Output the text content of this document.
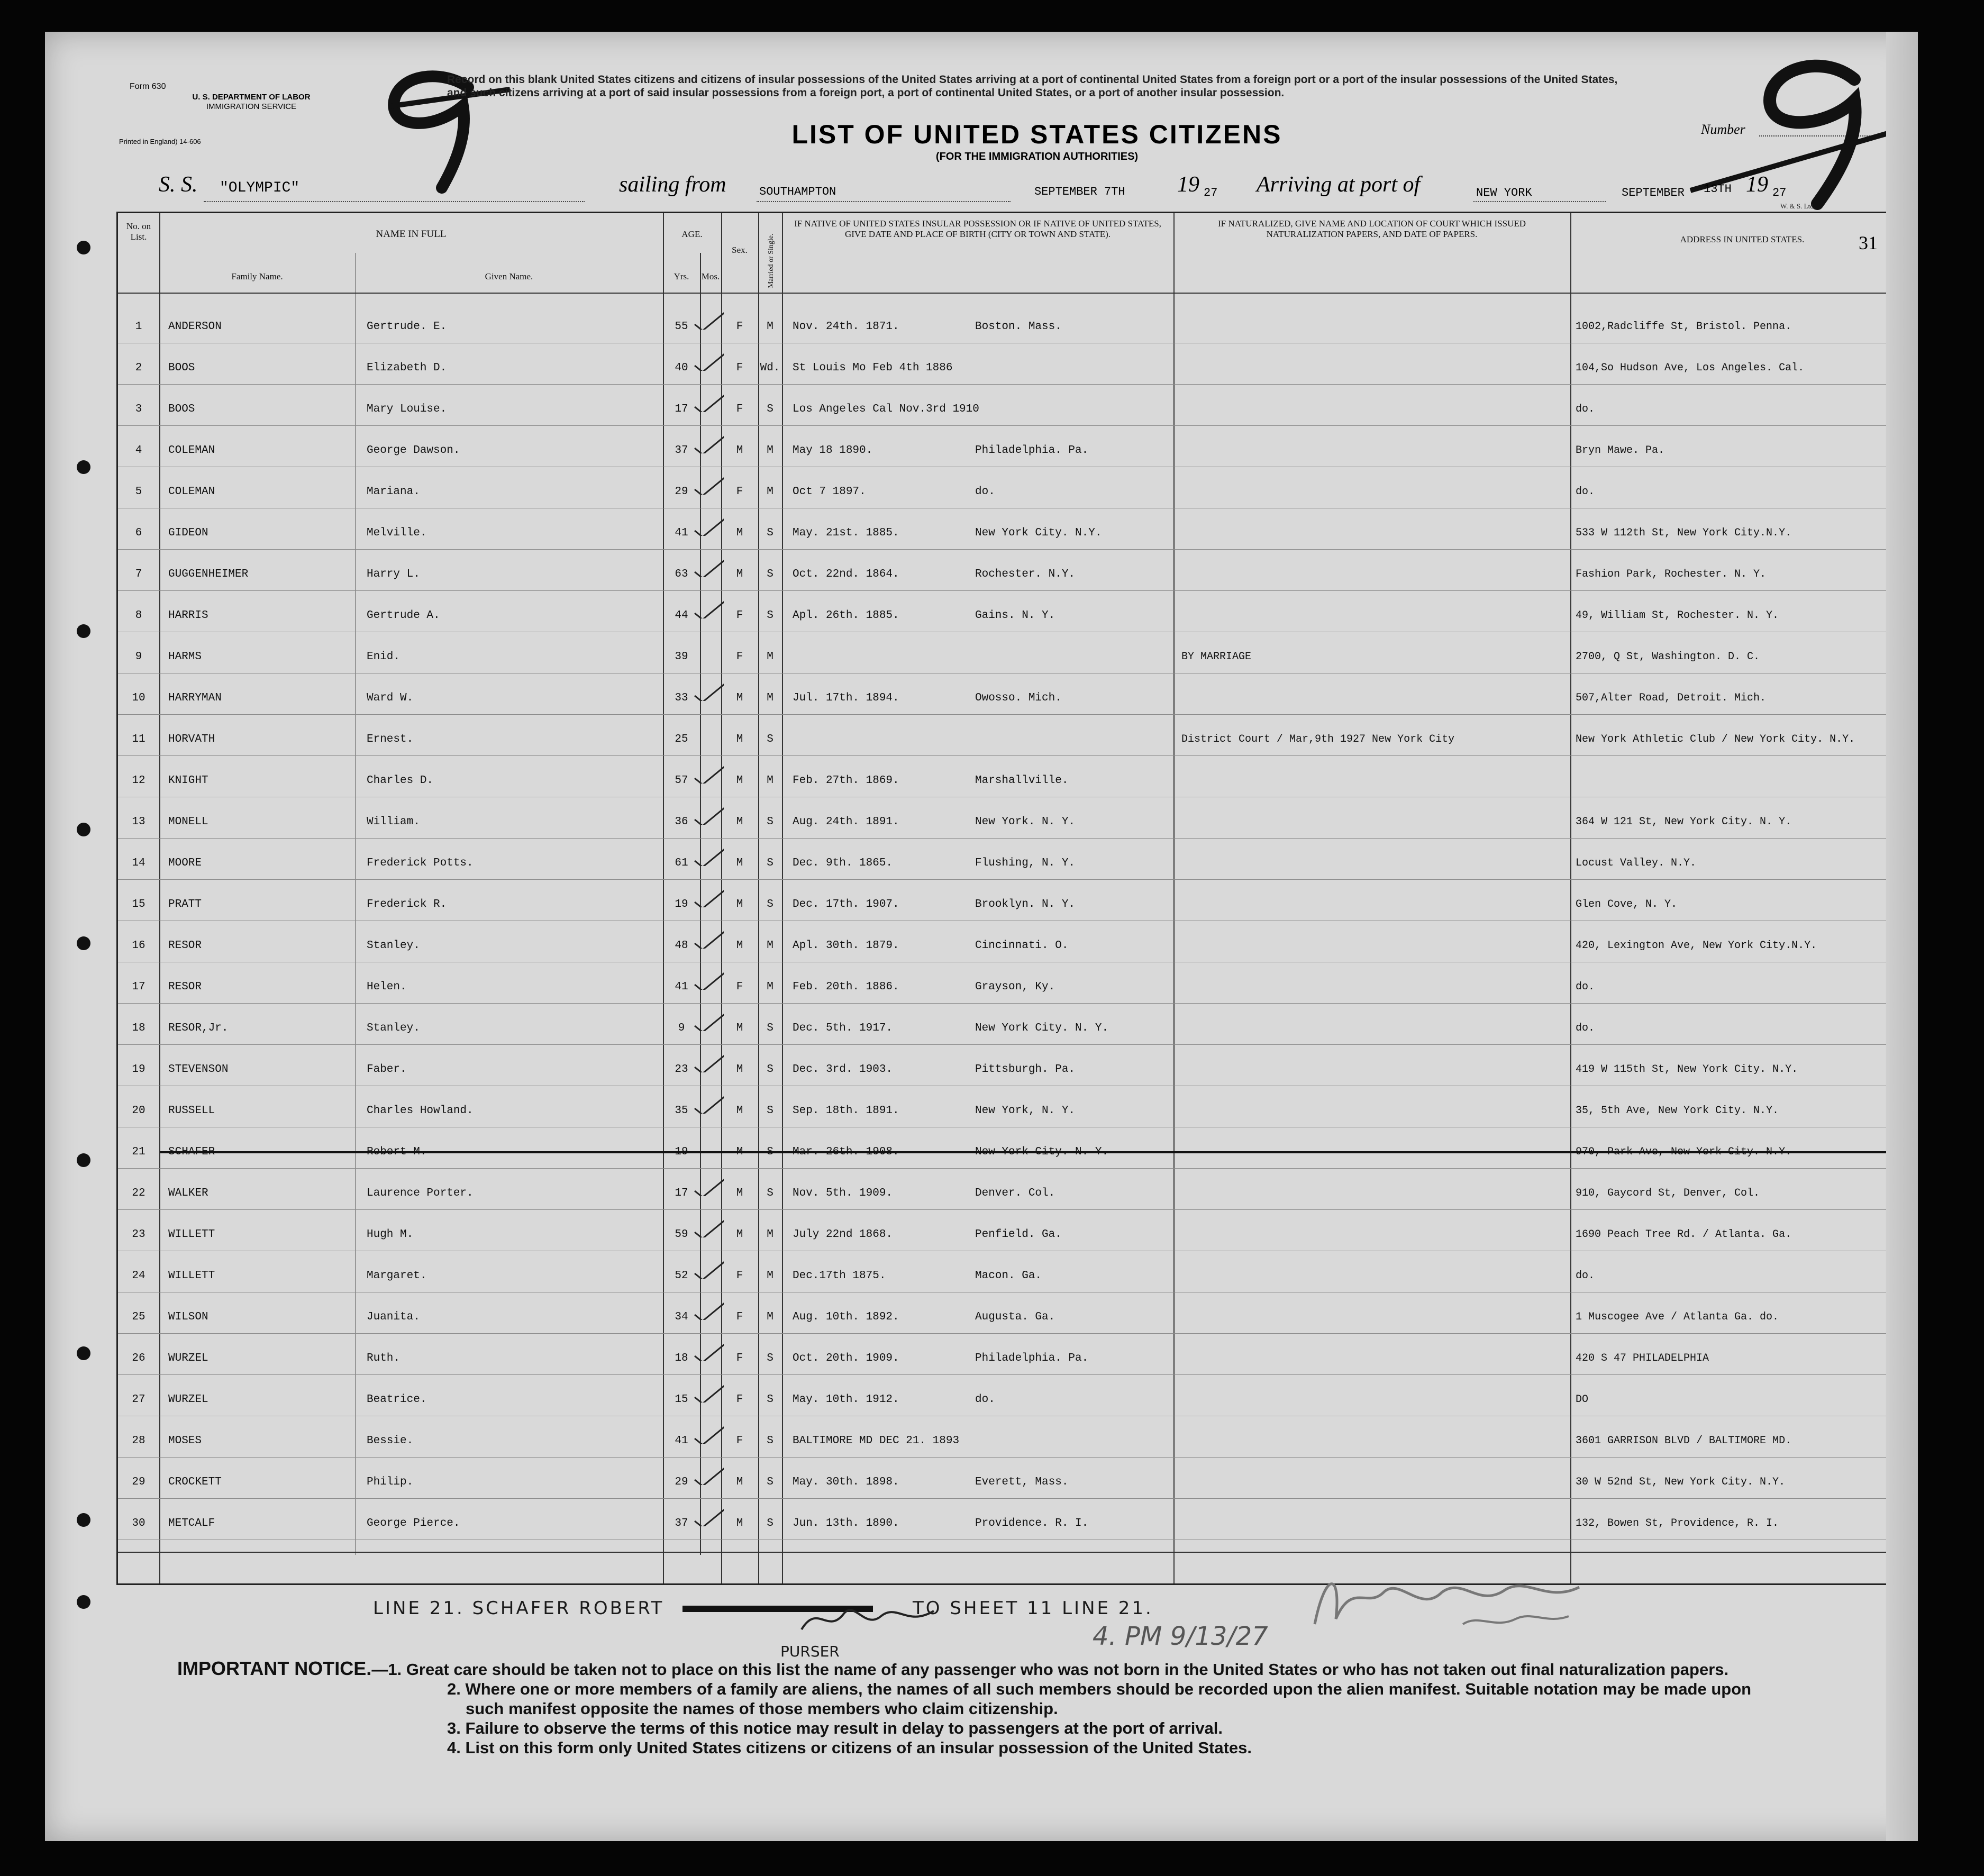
Form 630
U. S. DEPARTMENT OF LABOR
IMMIGRATION SERVICE
Printed in England) 14-606
Record on this blank United States citizens and citizens of insular possessions of the United States arriving at a port of continental United States from a foreign port or a port of the insular possessions of the United States, and such citizens arriving at a port of said insular possessions from a foreign port, a port of continental United States, or a port of another insular possession.
LIST OF UNITED STATES CITIZENS
(FOR THE IMMIGRATION AUTHORITIES)
Number
S. S. "OLYMPIC"	sailing from	SOUTHAMPTON	SEPTEMBER 7TH 19 27 Arriving at port of	NEW YORK	SEPTEMBER 13TH 19 27
W. & S. Ltd.
No. on List.	NAME IN FULL
Family Name.	Given Name.
AGE.
Yrs.	Mos.
Sex.	Married or Single.
IF NATIVE OF UNITED STATES INSULAR POSSESSION OR IF NATIVE OF UNITED STATES, GIVE DATE AND PLACE OF BIRTH (CITY OR TOWN AND STATE).
IF NATURALIZED, GIVE NAME AND LOCATION OF COURT WHICH ISSUED NATURALIZATION PAPERS, AND DATE OF PAPERS.
ADDRESS IN UNITED STATES.	31
1	ANDERSON	Gertrude. E.	55	F	M	Nov. 24th. 1871.	Boston. Mass.	1002,Radcliffe St, Bristol. Penna.
2	BOOS	Elizabeth D.	40	F	Wd. St Louis Mo Feb 4th 1886	104,So Hudson Ave, Los Angeles. Cal.
3	BOOS	Mary Louise.	17	F	S	Los Angeles Cal Nov.3rd 1910	do.
4	COLEMAN	George Dawson.	37	M	M	May 18 1890.	Philadelphia. Pa.	Bryn Mawe. Pa.
5	COLEMAN	Mariana.	29	F	M	Oct 7 1897.	do.	do.
6	GIDEON	Melville.	41	M	S	May. 21st. 1885.	New York City. N.Y.	533 W 112th St, New York City.N.Y.
7	GUGGENHEIMER	Harry L.	63	M	S	Oct. 22nd. 1864.	Rochester. N.Y.	Fashion Park, Rochester. N. Y.
8	HARRIS	Gertrude A.	44	F	S	Apl. 26th. 1885.	Gains. N. Y.	49, William St, Rochester. N. Y.
9	HARMS	Enid.	39	F	M	BY MARRIAGE	2700, Q St, Washington. D. C.
10	HARRYMAN	Ward W.	33	M	M	Jul. 17th. 1894.	Owosso. Mich.	507,Alter Road, Detroit. Mich.
11	HORVATH	Ernest.	25	M	S	District Court / Mar,9th 1927 New York City	New York Athletic Club / New York City. N.Y.
12	KNIGHT	Charles D.	57	M	M	Feb. 27th. 1869.	Marshallville.
13	MONELL	William.	36	M	S	Aug. 24th. 1891.	New York. N. Y.	364 W 121 St, New York City. N. Y.
14	MOORE	Frederick Potts.	61	M	S	Dec. 9th. 1865.	Flushing, N. Y.	Locust Valley. N.Y.
15	PRATT	Frederick R.	19	M	S	Dec. 17th. 1907.	Brooklyn. N. Y.	Glen Cove, N. Y.
16	RESOR	Stanley.	48	M	M	Apl. 30th. 1879.	Cincinnati. O.	420, Lexington Ave, New York City.N.Y.
17	RESOR	Helen.	41	F	M	Feb. 20th. 1886.	Grayson, Ky.	do.
18	RESOR,Jr.	Stanley.	9	M	S	Dec. 5th. 1917.	New York City. N. Y.	do.
19	STEVENSON	Faber.	23	M	S	Dec. 3rd. 1903.	Pittsburgh. Pa.	419 W 115th St, New York City. N.Y.
20	RUSSELL	Charles Howland.	35	M	S	Sep. 18th. 1891.	New York, N. Y.	35, 5th Ave, New York City. N.Y.
21	SCHAFER	Robert M.	19	M	S	Mar. 26th. 1908.	New York City. N. Y.	970, Park Ave, New York City. N.Y.
22	WALKER	Laurence Porter.	17	M	S	Nov. 5th. 1909.	Denver. Col.	910, Gaycord St, Denver, Col.
23	WILLETT	Hugh M.	59	M	M	July 22nd 1868.	Penfield. Ga.	1690 Peach Tree Rd. / Atlanta. Ga.
24	WILLETT	Margaret.	52	F	M	Dec.17th 1875.	Macon. Ga.	do.
25	WILSON	Juanita.	34	F	M	Aug. 10th. 1892.	Augusta. Ga.	1 Muscogee Ave / Atlanta Ga. do.
26	WURZEL	Ruth.	18	F	S	Oct. 20th. 1909.	Philadelphia. Pa.	420 S 47 PHILADELPHIA
27	WURZEL	Beatrice.	15	F	S	May. 10th. 1912.	do.	DO
28	MOSES	Bessie.	41	F	S	BALTIMORE MD DEC 21. 1893	3601 GARRISON BLVD / BALTIMORE MD.
29	CROCKETT	Philip.	29	M	S	May. 30th. 1898.	Everett, Mass.	30 W 52nd St, New York City. N.Y.
30	METCALF	George Pierce.	37	M	S	Jun. 13th. 1890.	Providence. R. I.	132, Bowen St, Providence, R. I.
LINE 21. SCHAFER ROBERT	TO SHEET 11 LINE 21.
PURSER
4. PM 9/13/27
IMPORTANT NOTICE.—1. Great care should be taken not to place on this list the name of any passenger who was not born in the United States or who has not taken out final naturalization papers.
2. Where one or more members of a family are aliens, the names of all such members should be recorded upon the alien manifest. Suitable notation may be made upon
such manifest opposite the names of those members who claim citizenship.
3. Failure to observe the terms of this notice may result in delay to passengers at the port of arrival.
4. List on this form only United States citizens or citizens of an insular possession of the United States.
